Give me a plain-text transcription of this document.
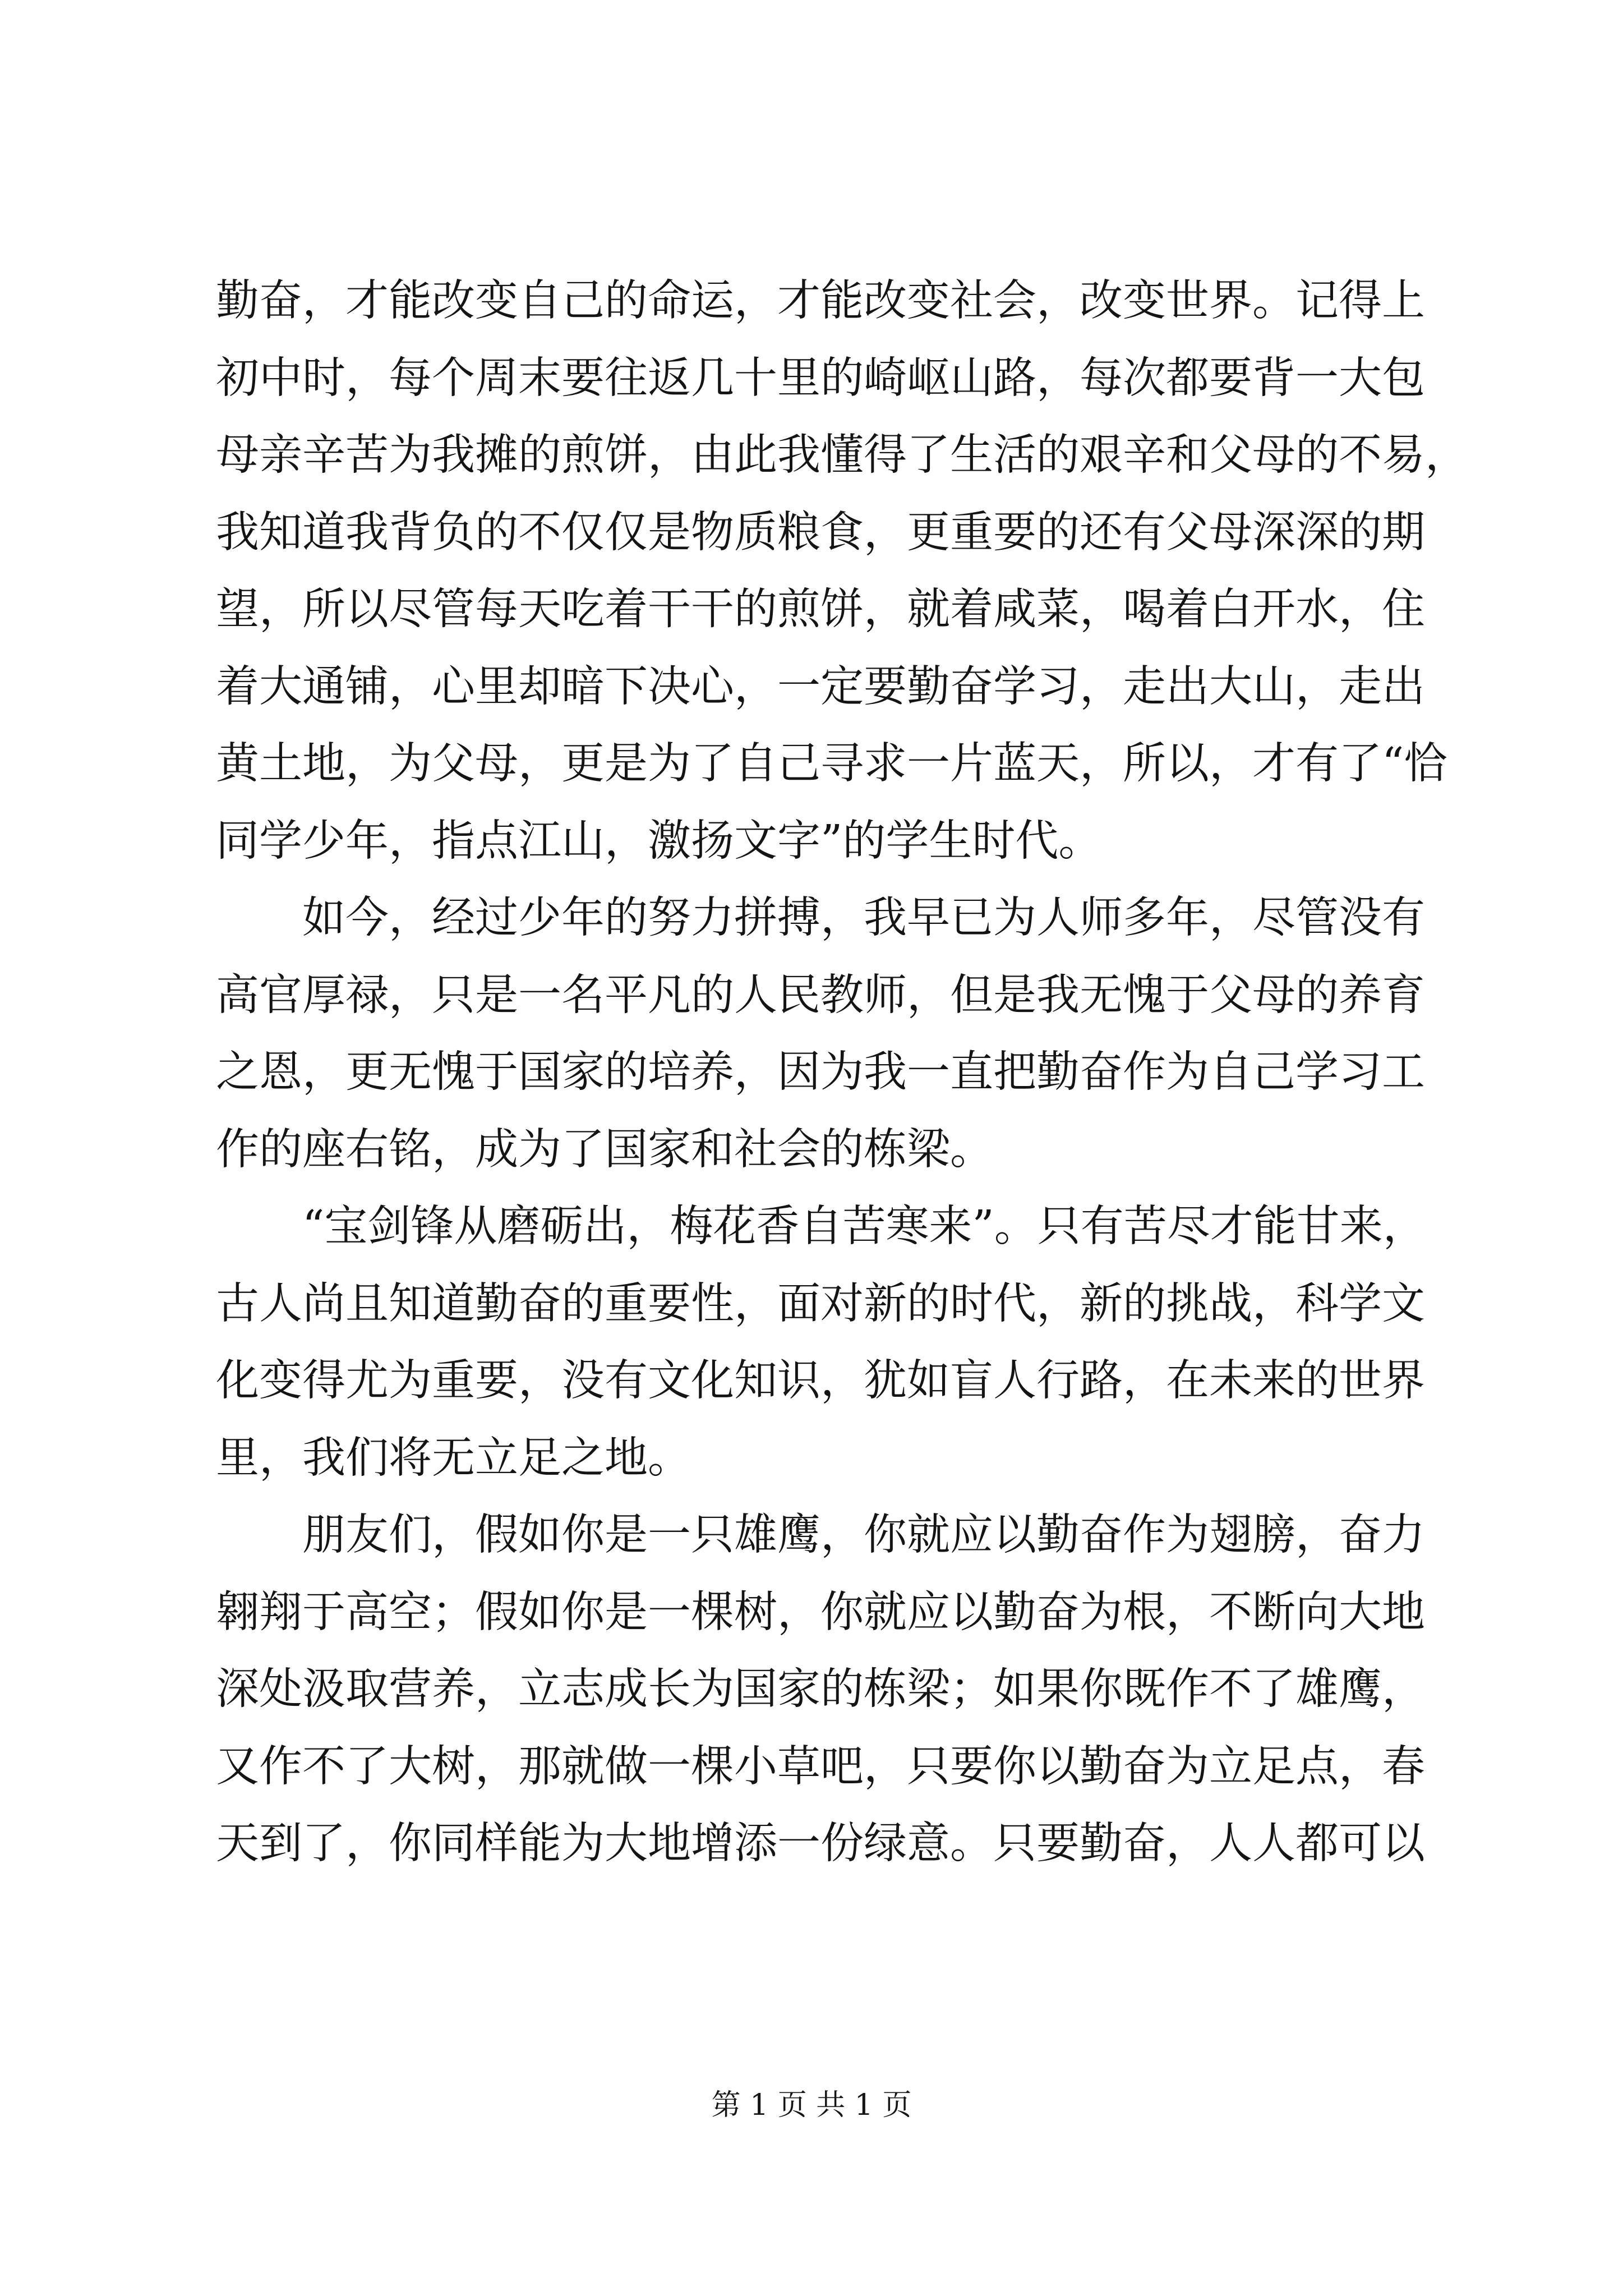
勤奋，才能改变自己的命运，才能改变社会，改变世界。记得上
初中时，每个周末要往返几十里的崎岖山路，每次都要背一大包
母亲辛苦为我摊的煎饼，由此我懂得了生活的艰辛和父母的不易，
我知道我背负的不仅仅是物质粮食，更重要的还有父母深深的期
望，所以尽管每天吃着干干的煎饼，就着咸菜，喝着白开水，住
着大通铺，心里却暗下决心，一定要勤奋学习，走出大山，走出
黄土地，为父母，更是为了自己寻求一片蓝天，所以，才有了“恰
同学少年，指点江山，激扬文字”的学生时代。
　　如今，经过少年的努力拼搏，我早已为人师多年，尽管没有
高官厚禄，只是一名平凡的人民教师，但是我无愧于父母的养育
之恩，更无愧于国家的培养，因为我一直把勤奋作为自己学习工
作的座右铭，成为了国家和社会的栋梁。
　　“宝剑锋从磨砺出，梅花香自苦寒来”。只有苦尽才能甘来，
古人尚且知道勤奋的重要性，面对新的时代，新的挑战，科学文
化变得尤为重要，没有文化知识，犹如盲人行路，在未来的世界
里，我们将无立足之地。
　　朋友们，假如你是一只雄鹰，你就应以勤奋作为翅膀，奋力
翱翔于高空；假如你是一棵树，你就应以勤奋为根，不断向大地
深处汲取营养，立志成长为国家的栋梁；如果你既作不了雄鹰，
又作不了大树，那就做一棵小草吧，只要你以勤奋为立足点，春
天到了，你同样能为大地增添一份绿意。只要勤奋，人人都可以
第 1 页 共 1 页
